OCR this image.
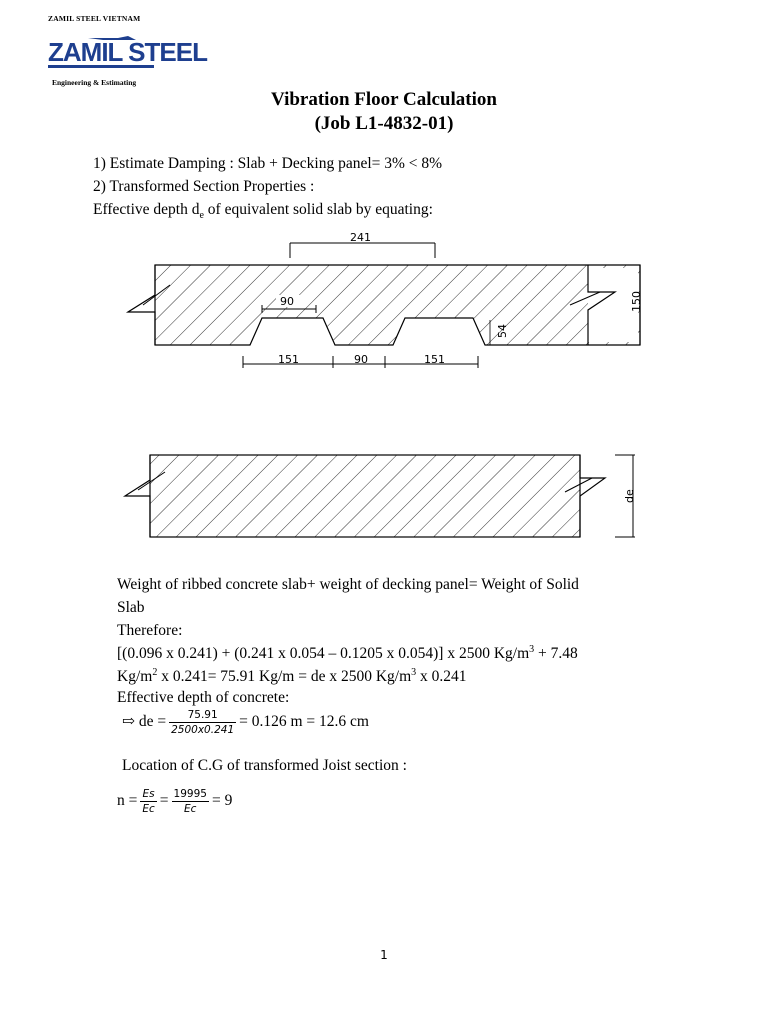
ZAMIL STEEL VIETNAM
ZAMIL STEEL
Engineering & Estimating
Vibration Floor Calculation
(Job L1-4832-01)
1) Estimate Damping : Slab + Decking panel= 3% < 8%
2) Transformed Section Properties :
Effective depth $d_e$ of equivalent solid slab by equating:
241
90	150
54
151	90	151
de
Weight of ribbed concrete slab+ weight of decking panel= Weight of Solid
Slab
Therefore:
[(0.096 x 0.241) + (0.241 x 0.054 – 0.1205 x 0.054)] x 2500 $Kg/m^3 + 7.48$
$Kg/m^2$ x 0.241= 75.91 Kg/m = de x 2500 $Kg/m^3$ x 0.241
Effective depth of concrete:
⇨ de = $\frac{75.91}{2500x0.241} = 0.126$ m = 12.6 cm
Location of C.G of transformed Joist section :
$n = \frac{Es}{Ec} = \frac{19995}{Ec} = 9$
1
